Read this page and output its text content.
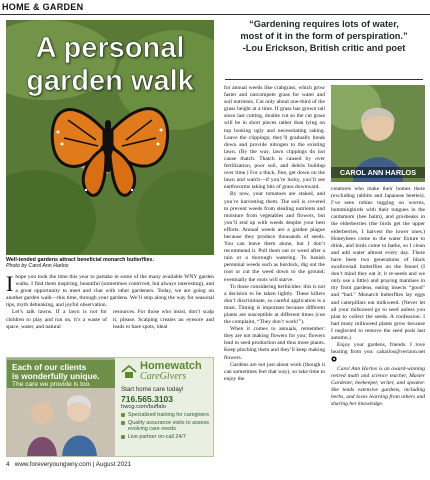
HOME & GARDEN
A personal
garden walk
Well-tended gardens attract beneficial monarch butterflies.
Photo by Carol Ann Harlos

Ihope you took the time this year to partake in some of the many available WNY garden walks. I find them inspiring, beautiful (sometimes contrived, but always interesting), and a great opportunity to meet and chat with other gardeners. Today, we are going on another garden walk—this time, through your gardens. We’ll stop along the way for seasonal tips, myth debunking, and joyful observation.

Let’s talk lawns. If a lawn is not for children to play and run on, it’s a waste of space, water, and natural
resources. For those who insist, don’t scalp it, please. Scalping creates an eyesore and leads to bare spots, ideal
Each of our clients
is wonderfully unique.
The care we provide is too.
Homewatch
CareGivers
Start home care today!
716.565.3103
hwcg.com/buffalo
Specialized training for caregivers
Quality assurance visits to assess evolving care needs
Live partner on-call 24/7
4 www.foreveryoungwny.com | August 2021
“Gardening requires lots of water,
most of it in the form of perspiration.”
-Lou Erickson, British critic and poet

for annual weeds like crabgrass, which grow faster and outcompete grass for water and soil nutrients. Cut only about one-third of the grass height at a time. If grass has grown tall since last cutting, double cut so the cut grass will be in short pieces rather than lying on top looking ugly and necessitating raking. Leave the clippings; they’ll gradually break down and provide nitrogen to the existing lawn. (By the way, lawn clippings do not cause thatch. Thatch is caused by over fertilization, poor soil, and debris buildup over time.) For a thick, fine, get down on the lawn and watch—if you’re lucky, you’ll see earthworms taking bits of grass downward.

By now, your tomatoes are staked, and you’re harvesting them. The soil is covered to prevent weeds from stealing nutrients and moisture from vegetables and flowers, but you’ll end up with weeds despite your best efforts. Annual weeds are a garden plague because they produce thousands of seeds. You can leave them alone, but I don’t recommend it. Pull them out or weed after a rain or a thorough watering. To banish perennial weeds such as burdock, dig out the root or cut the weed down to the ground; eventually the roots will starve.

To those considering herbicides: this is not a decision to be taken lightly. These killers don’t discriminate, so careful application is a must. Timing is important because different plants are susceptible at different times (cue the complaint, “They don’t work!”).

When it comes to annuals, remember: they are not making flowers for you; flowers lead to seed production and thus more plants. Keep pinching them and they’ll keep making flowers.

Gardens are not just about work (though it can sometimes feel that way), so take time to enjoy the

CAROL ANN HARLOS

creatures who make their homes there (excluding rabbits and Japanese beetles). I’ve seen robins tugging on worms, hummingbirds with their tongues in the cardamom (bee balm), and grosbeaks in the elderberries (the birds get the upper elderberries, I harvest the lower ones.) Honeybees come to the water fixture to drink, and birds come to bathe, so I clean and add water almost every day. There have been two generations of black swallowtail butterflies on the fennel (I don’t mind they eat it; it re-seeds and we only use a little) and praying mantises in my front gardens, eating insects “good” and “bad.” Monarch butterflies lay eggs and caterpillars eat milkweed. (Never let all your milkweed go to seed unless you plan to collect the seeds. A confession: I had many milkweed plants grow because I neglected to remove the seed pods last autumn.)

Enjoy your gardens, friends. I love hearing from you: caharlos@verizon.net

Carol Ann Harlos is an award-winning retired math and science teacher, Master Gardener, beekeeper, writer, and speaker. She tends extensive gardens, including herbs, and loves learning from others and sharing her knowledge.
